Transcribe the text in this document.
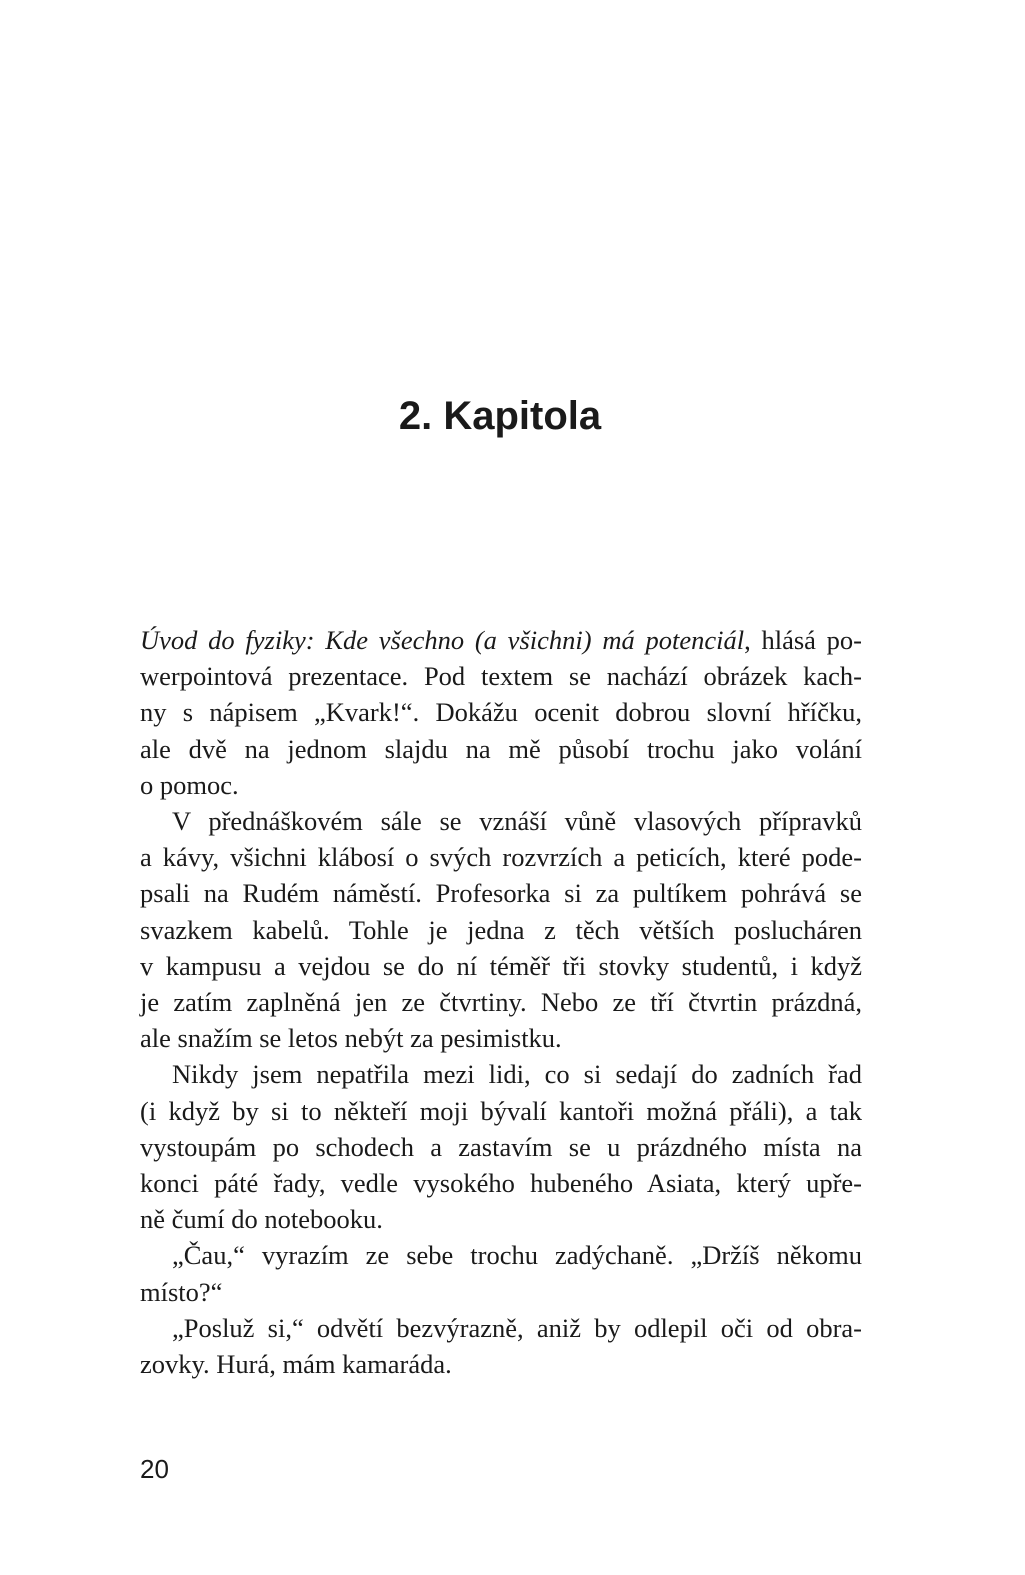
2. Kapitola
Úvod do fyziky: Kde všechno (a všichni) má potenciál, hlásá po-
werpointová prezentace. Pod textem se nachází obrázek kach-
ny s nápisem „Kvark!“. Dokážu ocenit dobrou slovní hříčku,
ale dvě na jednom slajdu na mě působí trochu jako volání
o pomoc.
V přednáškovém sále se vznáší vůně vlasových přípravků
a kávy, všichni klábosí o svých rozvrzích a peticích, které pode-
psali na Rudém náměstí. Profesorka si za pultíkem pohrává se
svazkem kabelů. Tohle je jedna z těch větších poslucháren
v kampusu a vejdou se do ní téměř tři stovky studentů, i když
je zatím zaplněná jen ze čtvrtiny. Nebo ze tří čtvrtin prázdná,
ale snažím se letos nebýt za pesimistku.
Nikdy jsem nepatřila mezi lidi, co si sedají do zadních řad
(i když by si to někteří moji bývalí kantoři možná přáli), a tak
vystoupám po schodech a zastavím se u prázdného místa na
konci páté řady, vedle vysokého hubeného Asiata, který upře-
ně čumí do notebooku.
„Čau,“ vyrazím ze sebe trochu zadýchaně. „Držíš někomu
místo?“
„Posluž si,“ odvětí bezvýrazně, aniž by odlepil oči od obra-
zovky. Hurá, mám kamaráda.
20
